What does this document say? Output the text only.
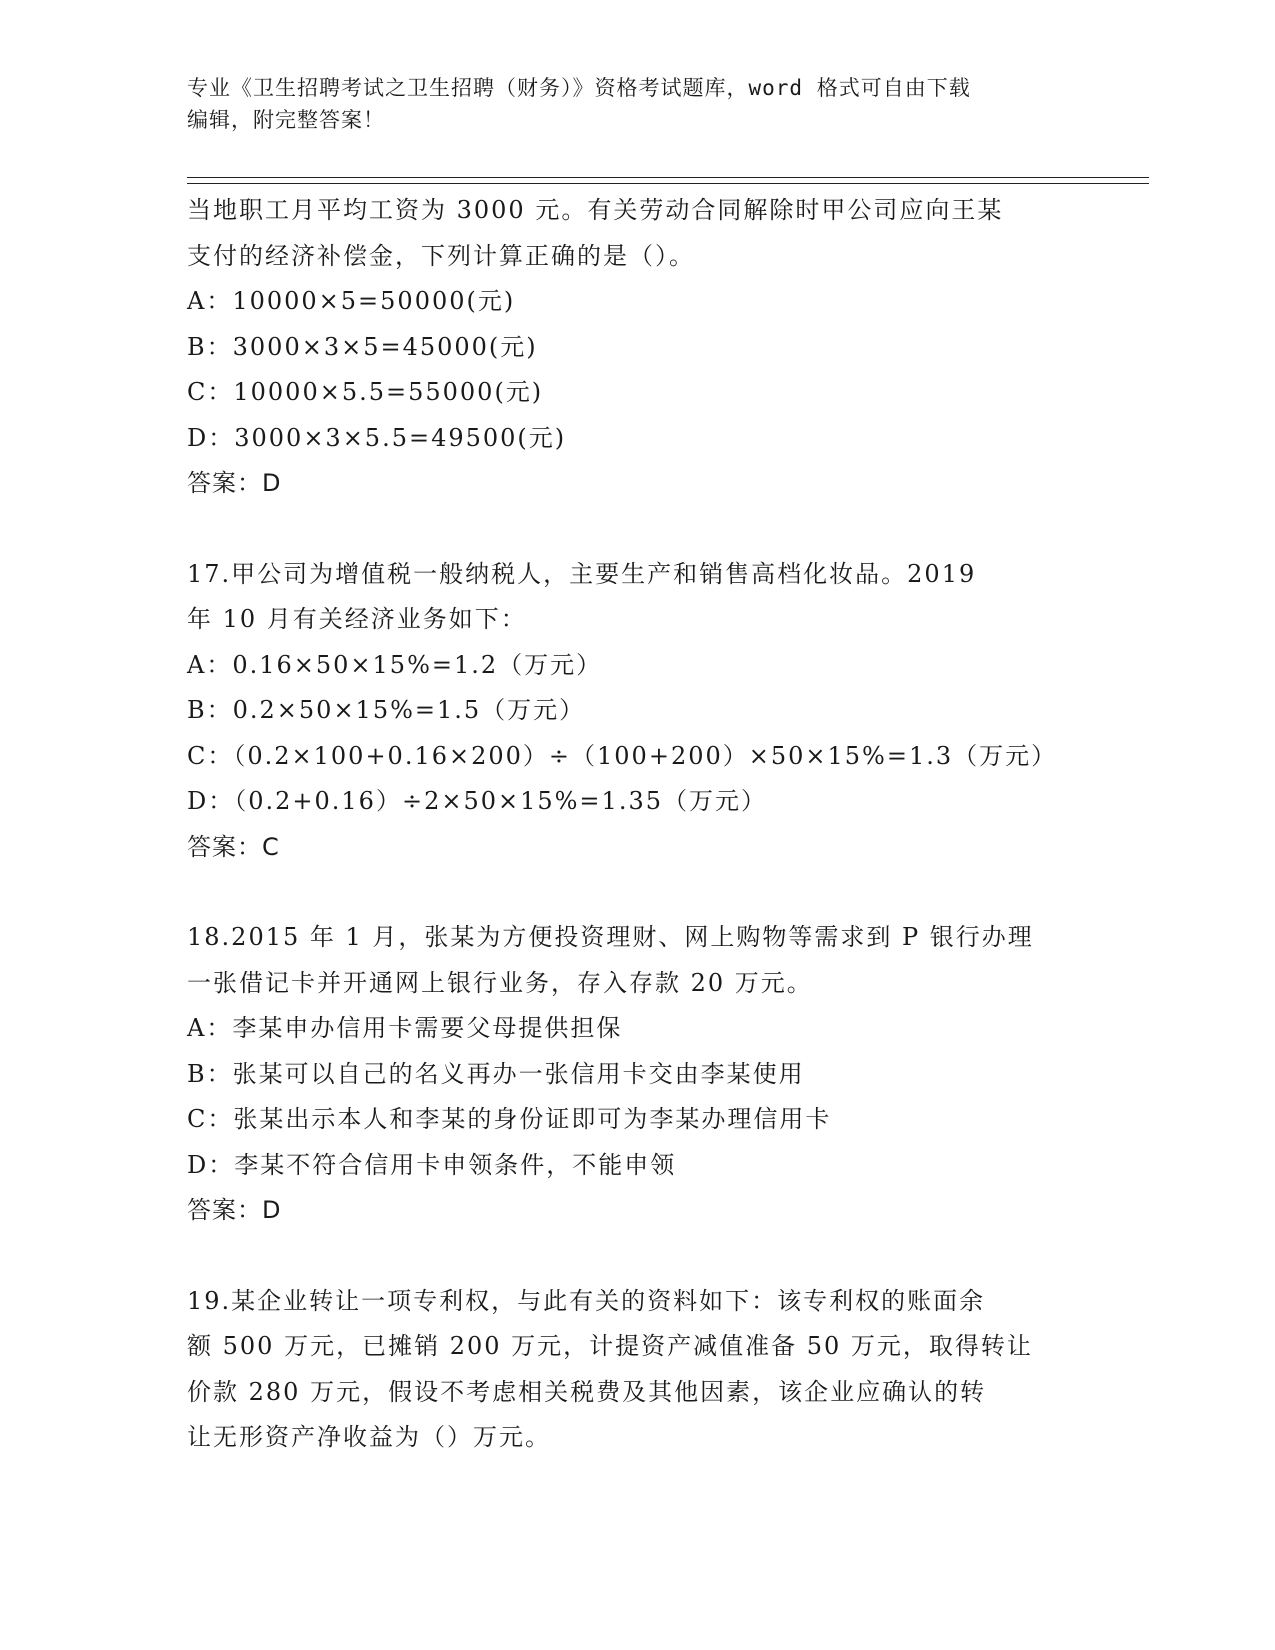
专业《卫生招聘考试之卫生招聘（财务）》资格考试题库，word 格式可自由下载
编辑，附完整答案！
当地职工月平均工资为 3000 元。有关劳动合同解除时甲公司应向王某
支付的经济补偿金，下列计算正确的是（）。
A：10000×5=50000(元)
B：3000×3×5=45000(元)
C：10000×5.5=55000(元)
D：3000×3×5.5=49500(元)
答案：D
17.甲公司为增值税一般纳税人，主要生产和销售高档化妆品。2019
年 10 月有关经济业务如下：
A：0.16×50×15%=1.2（万元）
B：0.2×50×15%=1.5（万元）
C：（0.2×100+0.16×200）÷（100+200）×50×15%=1.3（万元）
D：（0.2+0.16）÷2×50×15%=1.35（万元）
答案：C
18.2015 年 1 月，张某为方便投资理财、网上购物等需求到 P 银行办理
一张借记卡并开通网上银行业务，存入存款 20 万元。
A：李某申办信用卡需要父母提供担保
B：张某可以自己的名义再办一张信用卡交由李某使用
C：张某出示本人和李某的身份证即可为李某办理信用卡
D：李某不符合信用卡申领条件，不能申领
答案：D
19.某企业转让一项专利权，与此有关的资料如下：该专利权的账面余
额 500 万元，已摊销 200 万元，计提资产减值准备 50 万元，取得转让
价款 280 万元，假设不考虑相关税费及其他因素，该企业应确认的转
让无形资产净收益为（）万元。
